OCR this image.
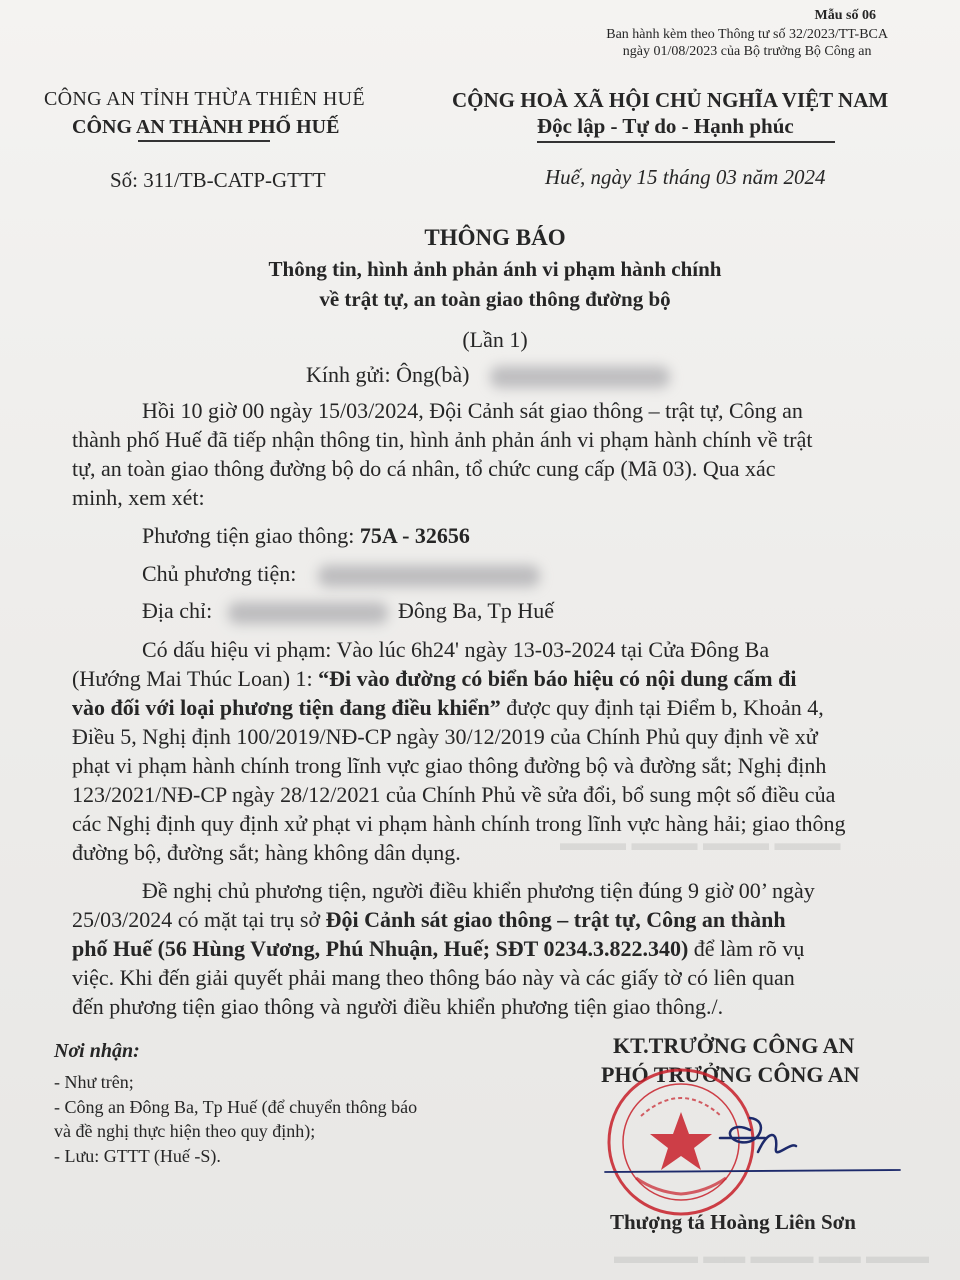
▬▬▬ ▬▬▬ ▬▬▬ ▬▬▬
Mẫu số 06
Ban hành kèm theo Thông tư số 32/2023/TT-BCA
ngày 01/08/2023 của Bộ trưởng Bộ Công an
CÔNG AN TỈNH THỪA THIÊN HUẾ
CÔNG AN THÀNH PHỐ HUẾ
Số: 311/TB-CATP-GTTT
CỘNG HOÀ XÃ HỘI CHỦ NGHĨA VIỆT NAM
Độc lập - Tự do - Hạnh phúc
Huế, ngày 15 tháng 03 năm 2024
THÔNG BÁO
Thông tin, hình ảnh phản ánh vi phạm hành chính
về trật tự, an toàn giao thông đường bộ
(Lần 1)
Kính gửi: Ông(bà)
Hồi 10 giờ 00 ngày 15/03/2024, Đội Cảnh sát giao thông – trật tự, Công an
thành phố Huế đã tiếp nhận thông tin, hình ảnh phản ánh vi phạm hành chính về trật
tự, an toàn giao thông đường bộ do cá nhân, tổ chức cung cấp (Mã 03). Qua xác
minh, xem xét:
Phương tiện giao thông: 75A - 32656
Chủ phương tiện:
Địa chỉ:	Đông Ba, Tp Huế
Có dấu hiệu vi phạm: Vào lúc 6h24' ngày 13-03-2024 tại Cửa Đông Ba
(Hướng Mai Thúc Loan) 1: “Đi vào đường có biển báo hiệu có nội dung cấm đi
vào đối với loại phương tiện đang điều khiển” được quy định tại Điểm b, Khoản 4,
Điều 5, Nghị định 100/2019/NĐ-CP ngày 30/12/2019 của Chính Phủ quy định về xử
phạt vi phạm hành chính trong lĩnh vực giao thông đường bộ và đường sắt; Nghị định
123/2021/NĐ-CP ngày 28/12/2021 của Chính Phủ về sửa đổi, bổ sung một số điều của
các Nghị định quy định xử phạt vi phạm hành chính trong lĩnh vực hàng hải; giao thông
đường bộ, đường sắt; hàng không dân dụng.
Đề nghị chủ phương tiện, người điều khiển phương tiện đúng 9 giờ 00’ ngày
25/03/2024 có mặt tại trụ sở Đội Cảnh sát giao thông – trật tự, Công an thành
phố Huế (56 Hùng Vương, Phú Nhuận, Huế; SĐT 0234.3.822.340) để làm rõ vụ
việc. Khi đến giải quyết phải mang theo thông báo này và các giấy tờ có liên quan
đến phương tiện giao thông và người điều khiển phương tiện giao thông./.
Nơi nhận:
- Như trên;
- Công an Đông Ba, Tp Huế (để chuyển thông báo
và đề nghị thực hiện theo quy định);
- Lưu: GTTT (Huế -S).
KT.TRƯỞNG CÔNG AN
PHÓ TRƯỞNG CÔNG AN
Thượng tá Hoàng Liên Sơn
▬▬▬▬ ▬▬ ▬▬▬ ▬▬ ▬▬▬
